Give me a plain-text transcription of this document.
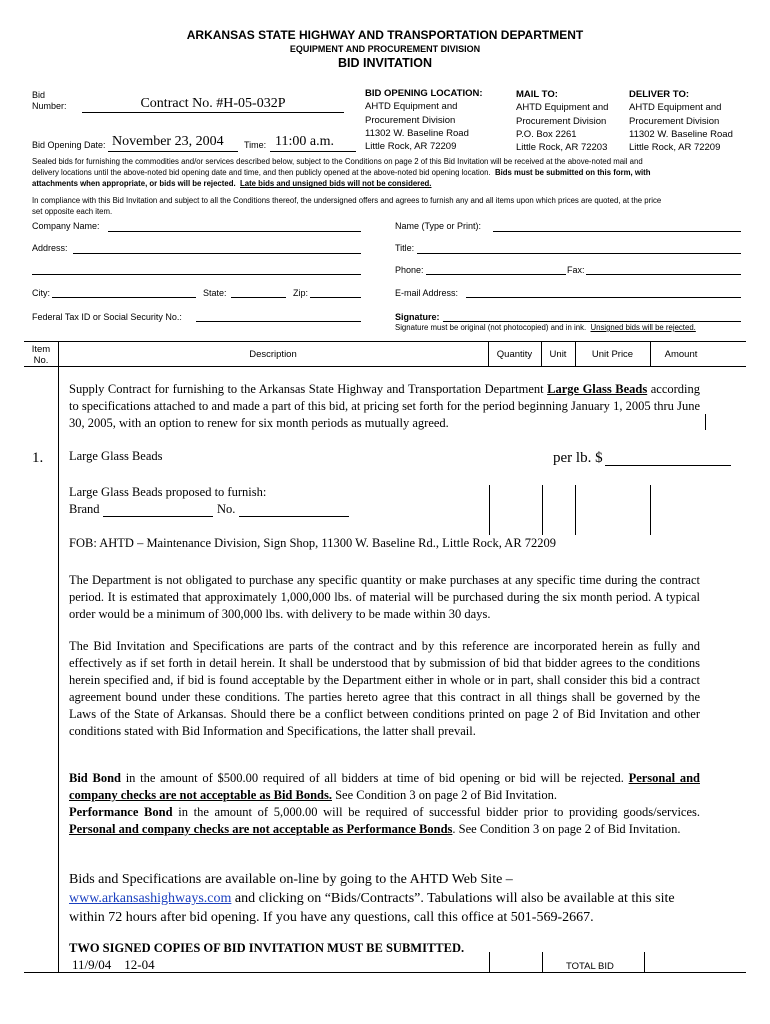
ARKANSAS STATE HIGHWAY AND TRANSPORTATION DEPARTMENT
EQUIPMENT AND PROCUREMENT DIVISION
BID INVITATION
Bid
Number:	Contract No. #H-05-032P
Bid Opening Date: November 23, 2004 Time: 11:00 a.m.
BID OPENING LOCATION:
AHTD Equipment and
Procurement Division
11302 W. Baseline Road
Little Rock, AR 72209
MAIL TO:
AHTD Equipment and
Procurement Division
P.O. Box 2261
Little Rock, AR 72203
DELIVER TO:
AHTD Equipment and
Procurement Division
11302 W. Baseline Road
Little Rock, AR 72209
Sealed bids for furnishing the commodities and/or services described below, subject to the Conditions on page 2 of this Bid Invitation will be received at the above-noted mail and
delivery locations until the above-noted bid opening date and time, and then publicly opened at the above-noted bid opening location. Bids must be submitted on this form, with
attachments when appropriate, or bids will be rejected. Late bids and unsigned bids will not be considered.
In compliance with this Bid Invitation and subject to all the Conditions thereof, the undersigned offers and agrees to furnish any and all items upon which prices are quoted, at the price
set opposite each item.
Company Name:	Name (Type or Print):
Address:	Title:
Phone:	Fax:
City:	State:	Zip:	E-mail Address:
Federal Tax ID or Social Security No.:	Signature:
Signature must be original (not photocopied) and in ink. Unsigned bids will be rejected.
Item
No.
Description	Quantity	Unit	Unit Price	Amount
Supply Contract for furnishing to the Arkansas State Highway and Transportation Department Large Glass Beads according to specifications attached to and made a part of this bid, at pricing set forth for the period beginning January 1, 2005 thru June 30, 2005, with an option to renew for six month periods as mutually agreed.
1. Large Glass Beads	per lb. $
Large Glass Beads proposed to furnish:
Brand	No.
FOB: AHTD – Maintenance Division, Sign Shop, 11300 W. Baseline Rd., Little Rock, AR 72209
The Department is not obligated to purchase any specific quantity or make purchases at any specific time during the contract period. It is estimated that approximately 1,000,000 lbs. of material will be purchased during the six month period. A typical order would be a minimum of 300,000 lbs. with delivery to be made within 30 days.
The Bid Invitation and Specifications are parts of the contract and by this reference are incorporated herein as fully and effectively as if set forth in detail herein. It shall be understood that by submission of bid that bidder agrees to the conditions herein specified and, if bid is found acceptable by the Department either in whole or in part, shall consider this bid a contract agreement bound under these conditions. The parties hereto agree that this contract in all things shall be governed by the Laws of the State of Arkansas. Should there be a conflict between conditions printed on page 2 of Bid Invitation and other conditions stated with Bid Information and Specifications, the latter shall prevail.
Bid Bond in the amount of $500.00 required of all bidders at time of bid opening or bid will be rejected. Personal and company checks are not acceptable as Bid Bonds. See Condition 3 on page 2 of Bid Invitation.
Performance Bond in the amount of 5,000.00 will be required of successful bidder prior to providing goods/services. Personal and company checks are not acceptable as Performance Bonds. See Condition 3 on page 2 of Bid Invitation.
Bids and Specifications are available on-line by going to the AHTD Web Site –
www.arkansashighways.com and clicking on “Bids/Contracts”. Tabulations will also be available at this site within 72 hours after bid opening. If you have any questions, call this office at 501-569-2667.
TWO SIGNED COPIES OF BID INVITATION MUST BE SUBMITTED.
11/9/04    12-04	TOTAL BID
